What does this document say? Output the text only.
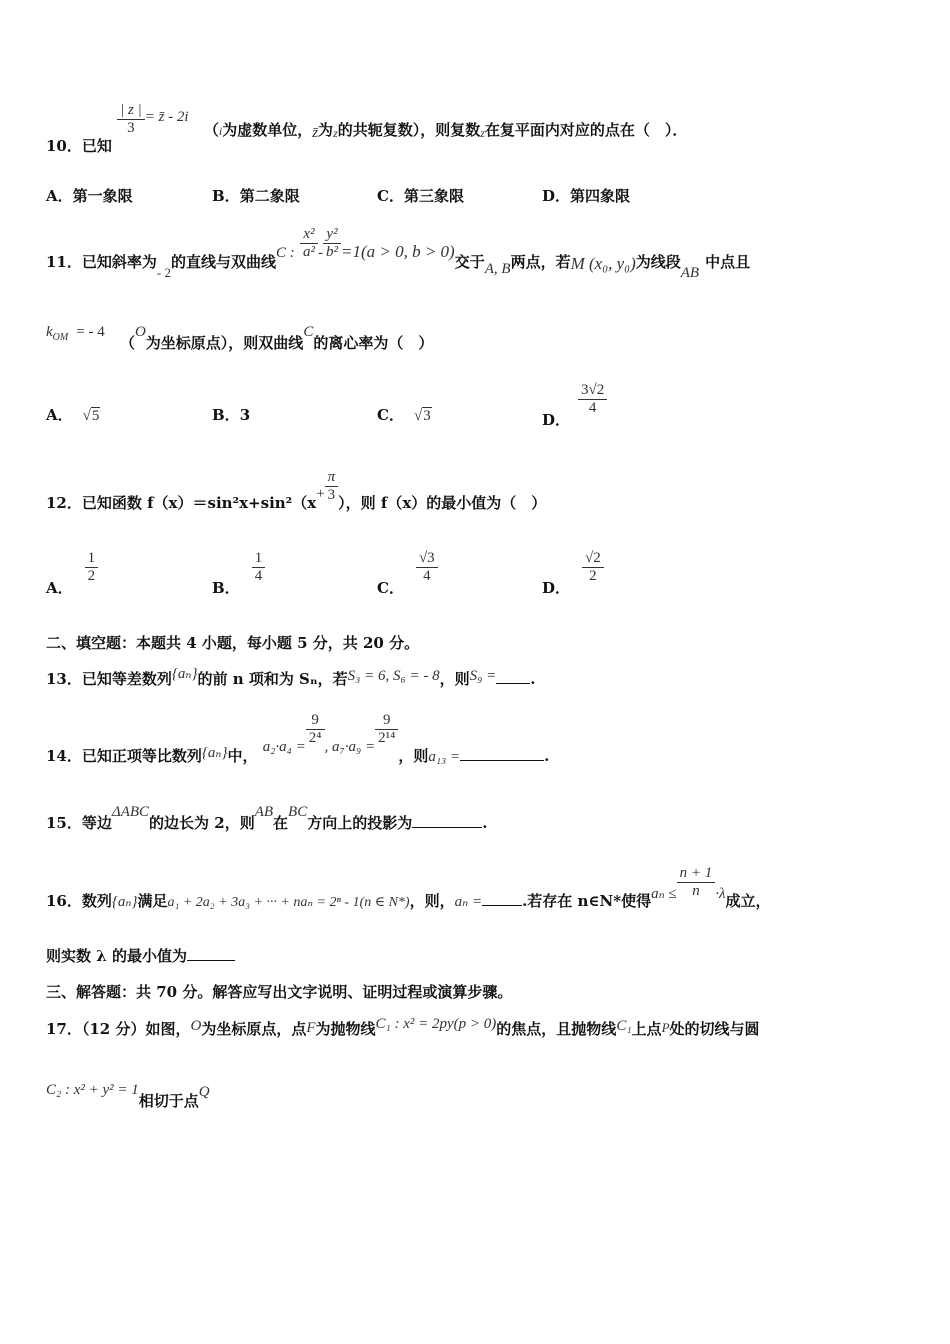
10．已知
$\frac{| z |}{3}$ = z̄ - 2i （$_i$为虚数单位，z̄为$_z$的共轭复数），则复数$_z$在复平面内对应的点在（　）．
A．第一象限	B．第二象限	C．第三象限	D．第四象限
11．已知斜率为- 2的直线与双曲线C : $\frac{\text{x²}}{\text{a²}} - \frac{\text{y²}}{\text{b²}} =1(a > 0$, b > 0)交于A, B两点，若M (x₀, y₀)为线段AB中点且
$k_{OM}$ = - 4 （O为坐标原点），则双曲线C的离心率为（　）
A． √5	B．3	C． √3	D．
$\frac{3√2}{4}$
12．已知函数 $f(x)=\sin^2x+\sin^2(x+ \frac{\pi}{3}$ ），则 f（x）的最小值为（　）
A．
$\frac{1}{2}$
B．
$\frac{1}{4}$
C．
$\frac{√3}{4}$
D．
$\frac{√2}{2}$
二、填空题：本题共 4 小题，每小题 5 分，共 20 分。
13．已知等差数列{aₙ}的前 n 项和为 Sₙ，若S₃ = 6, S₆ = - 8，则S₉ = .
14．已知正项等比数列{aₙ}中， a₂·a₄ =
$\frac{9}{\text{2⁴}}$
, a₇·a₉ =
$\frac{9}{\text{2¹⁴}}$
，则a₁₃ =	.
15．等边ΔABC的边长为 2，则AB在BC方向上的投影为	.
16．数列{aₙ}满足a₁ + 2a₂ + 3a₃ + ··· + naₙ = 2ⁿ - 1(n ∈ N*)，则，aₙ =	.若存在 n∈N*使得$a_n \le \frac{n + 1}{n} \cdot\lambda$成立，
则实数 λ 的最小值为
三、解答题：共 70 分。解答应写出文字说明、证明过程或演算步骤。
17．（12 分）如图，O为坐标原点，点F为抛物线C₁ : x² = 2py(p > 0)的焦点，且抛物线C₁上点P处的切线与圆
C₂ : x² + y² = 1相切于点Q
